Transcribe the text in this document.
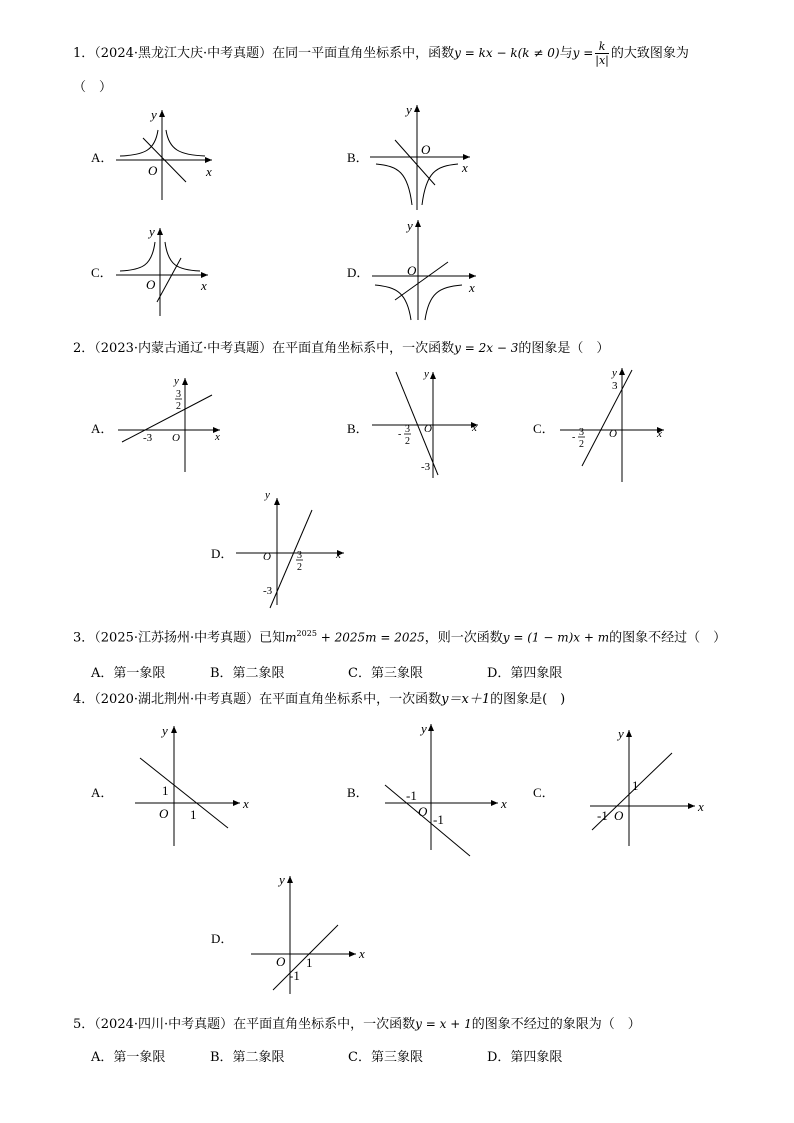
1．（2024·黑龙江大庆·中考真题）在同一平面直角坐标系中，函数y = kx − k(k ≠ 0)与$y = \frac{k}{|x|}$ 的大致图象为
（　）
A．	B．
C．	D．
y
x
O
y
x
O
y
x
O
y
x
O
2．（2023·内蒙古通辽·中考真题）在平面直角坐标系中，一次函数y = 2x − 3的图象是（　）
A．	B．	C．
D．
y
x
O
3
2
-3
y
x
O
- 3
2
-3
y
x
O
3
- 3
2
y
x
O	3
2
-3
3．（2025·江苏扬州·中考真题）已知$m^{2025} + 2025m = 2025$，则一次函数y = (1 − m)x + m的图象不经过（　）
A．第一象限	B．第二象限	C．第三象限	D．第四象限
4．（2020·湖北荆州·中考真题）在平面直角坐标系中，一次函数y＝x＋1的图象是(　)
A．	B．	C．
D．
y
x
O
1
1
y
x
O
-1
-1
y
x
O
1
-1
y
x
O 1
-1
5．（2024·四川·中考真题）在平面直角坐标系中，一次函数y = x + 1的图象不经过的象限为（　）
A．第一象限	B．第二象限	C．第三象限	D．第四象限
